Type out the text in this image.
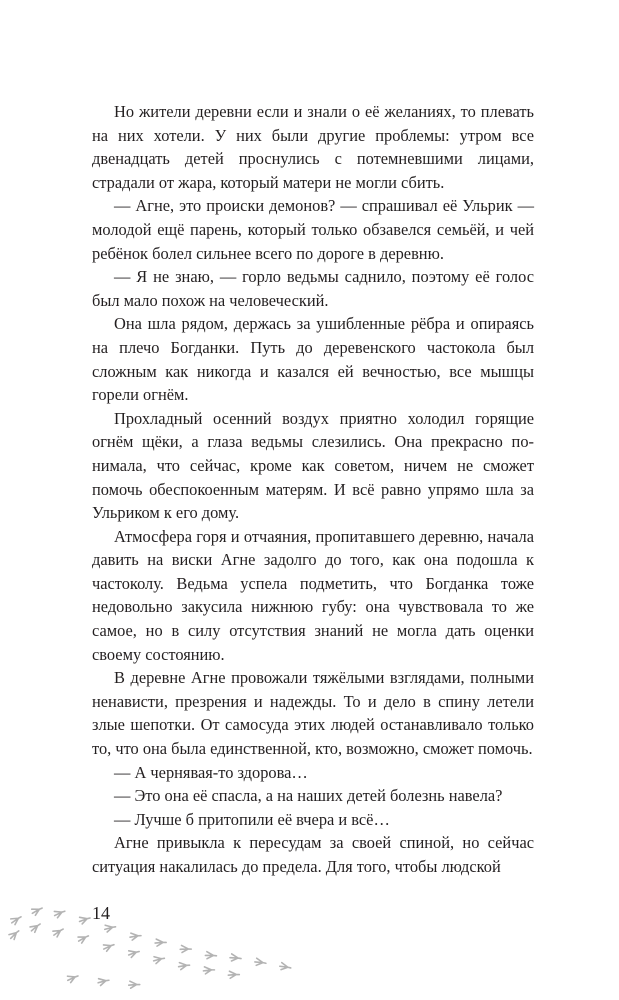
Но жители деревни если и знали о её желаниях, то плевать на них хотели. У них были другие проблемы: утром все двенадцать детей проснулись с потемневшими лицами, страдали от жара, который матери не могли сбить.

— Агне, это происки демонов? — спрашивал её Ульрик — молодой ещё парень, который только обзавелся семьёй, и чей ребёнок болел сильнее всего по дороге в деревню.

— Я не знаю, — горло ведьмы саднило, поэтому её голос был мало похож на человеческий.

Она шла рядом, держась за ушибленные рёбра и опираясь на плечо Богданки. Путь до деревенского частокола был сложным как никогда и казался ей вечностью, все мышцы горели огнём.

Прохладный осенний воздух приятно холодил горящие огнём щёки, а глаза ведьмы слезились. Она прекрасно понимала, что сейчас, кроме как советом, ничем не сможет помочь обеспокоенным матерям. И всё равно упрямо шла за Ульриком к его дому.

Атмосфера горя и отчаяния, пропитавшего деревню, начала давить на виски Агне задолго до того, как она подошла к частоколу. Ведьма успела подметить, что Богданка тоже недовольно закусила нижнюю губу: она чувствовала то же самое, но в силу отсутствия знаний не могла дать оценки своему состоянию.

В деревне Агне провожали тяжёлыми взглядами, полными ненависти, презрения и надежды. То и дело в спину летели злые шепотки. От самосуда этих людей останавливало только то, что она была единственной, кто, возможно, сможет помочь.

— А чернявая-то здорова…

— Это она её спасла, а на наших детей болезнь навела?

— Лучше б притопили её вчера и всё…

Агне привыкла к пересудам за своей спиной, но сейчас ситуация накалилась до предела. Для того, чтобы людской

14
